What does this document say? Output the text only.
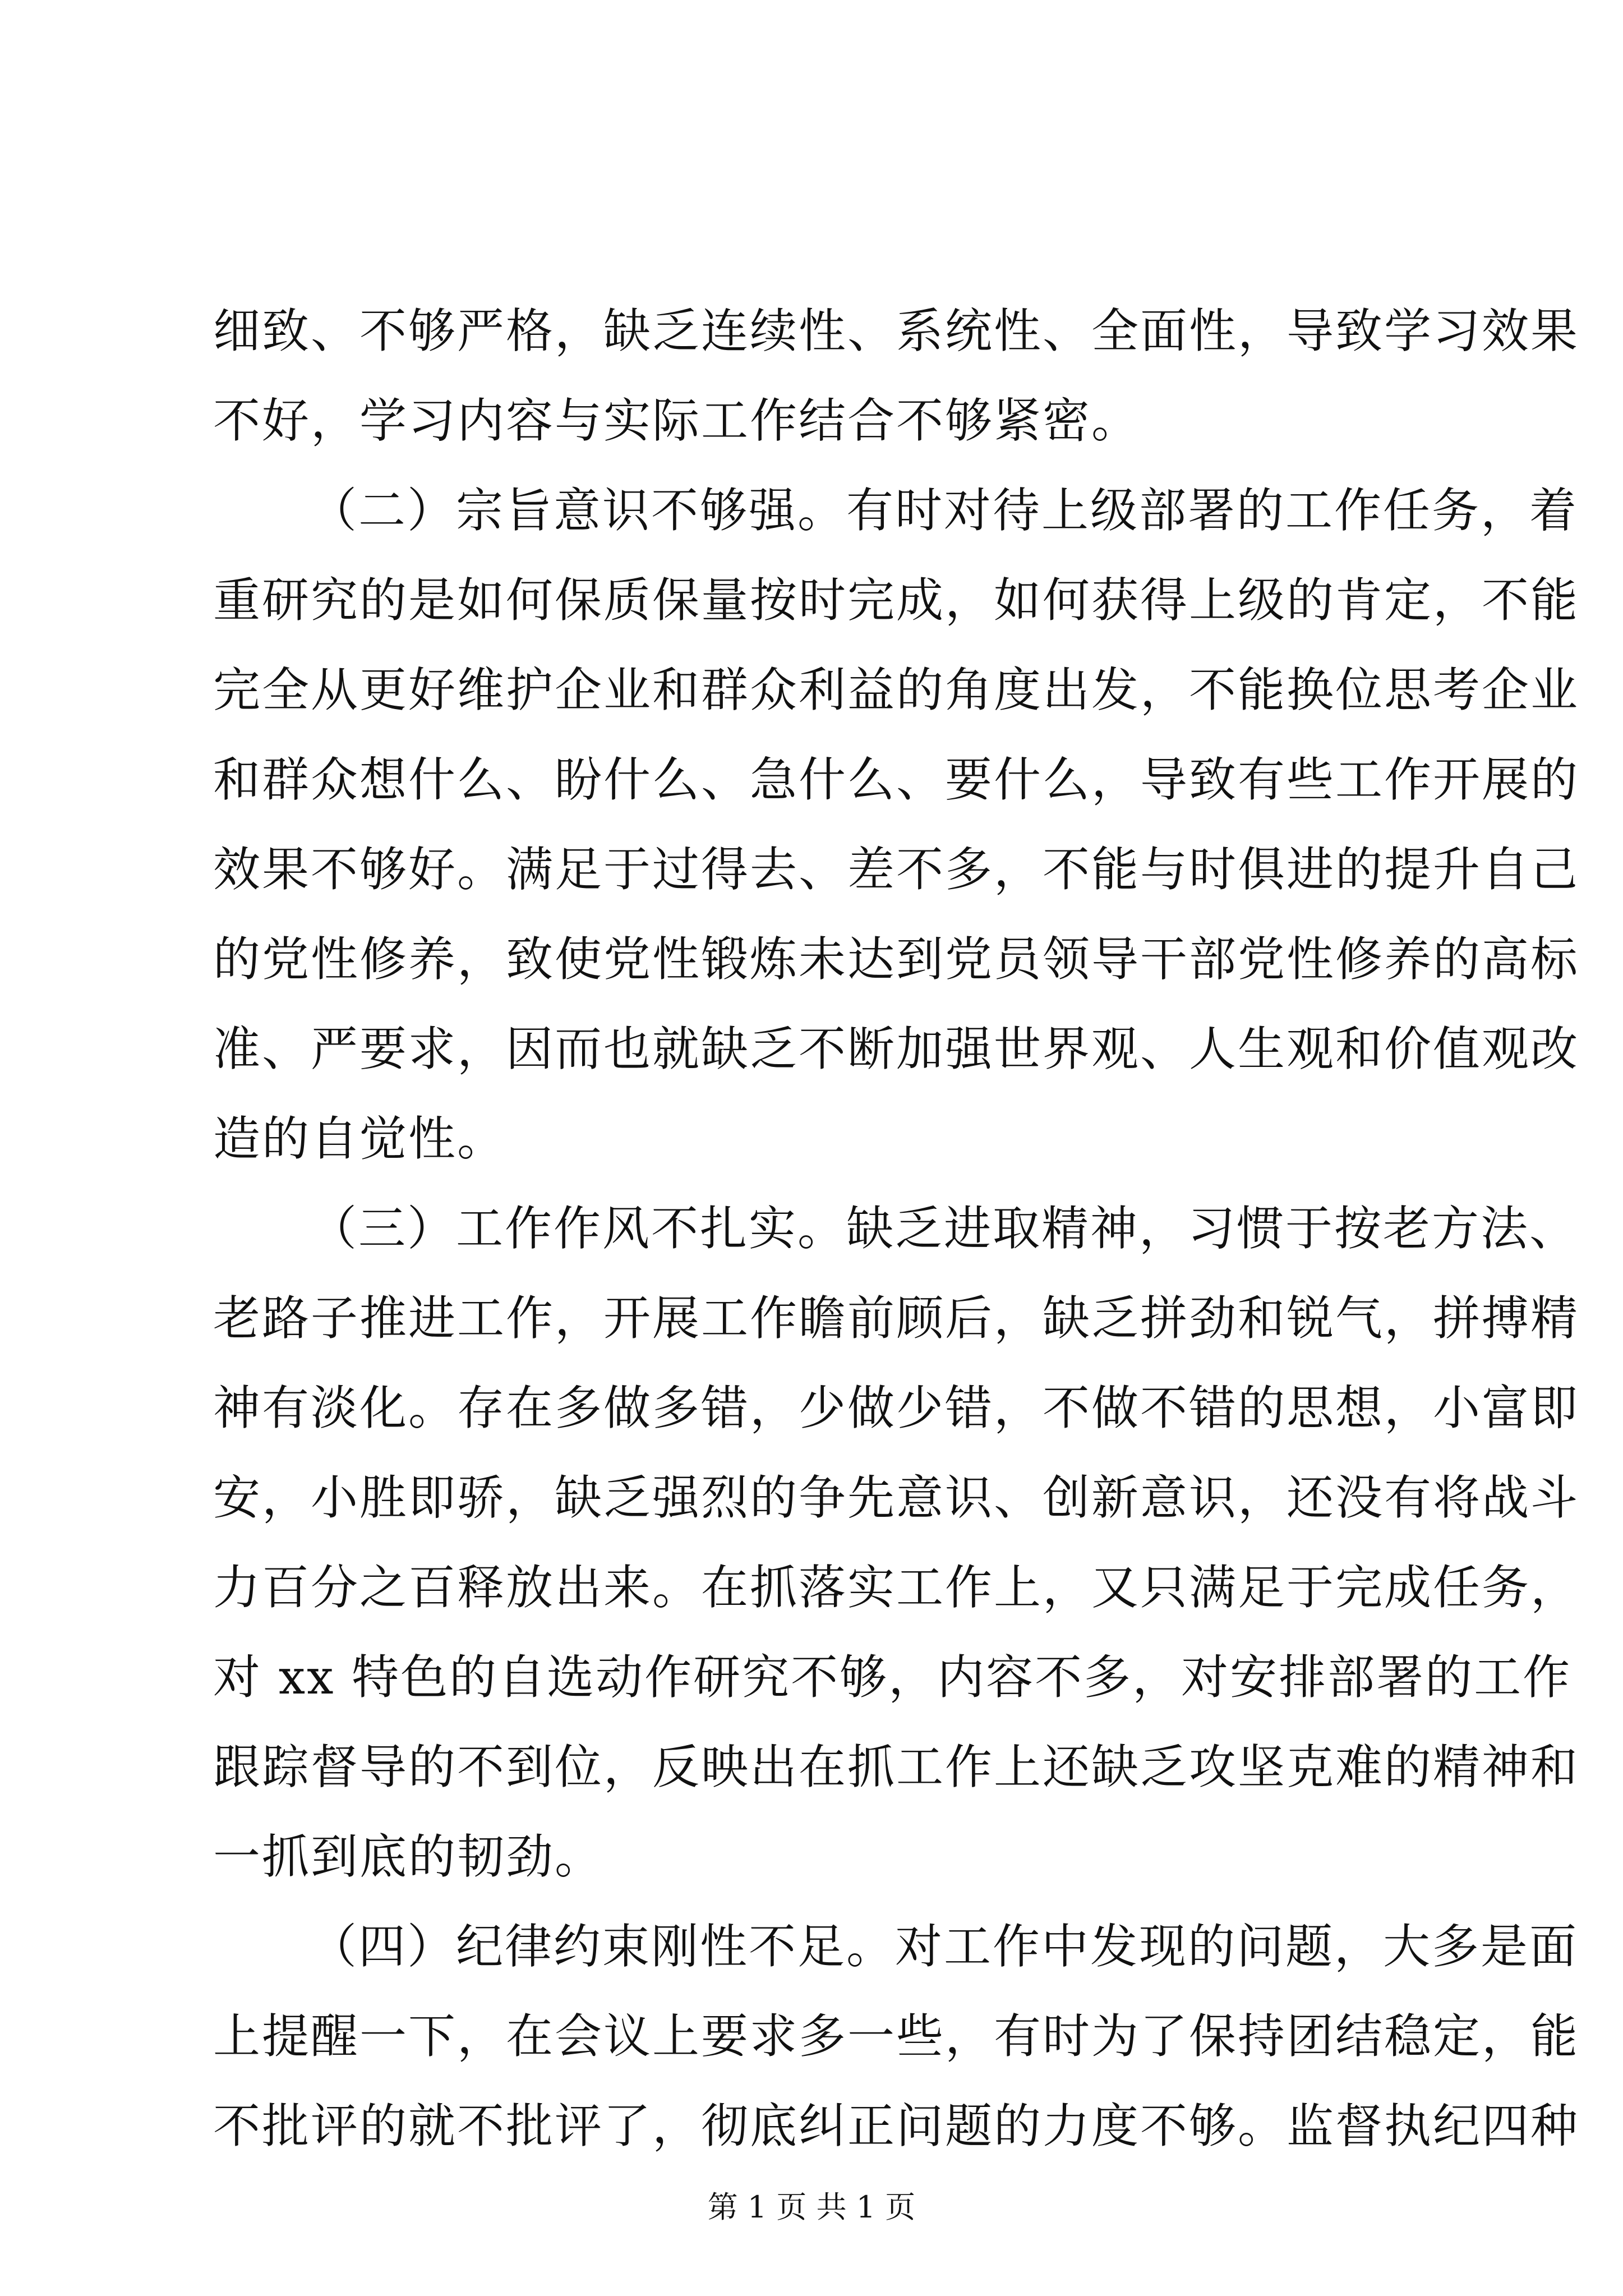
细致、不够严格，缺乏连续性、系统性、全面性，导致学习效果
不好，学习内容与实际工作结合不够紧密。
（二）宗旨意识不够强。有时对待上级部署的工作任务，着
重研究的是如何保质保量按时完成，如何获得上级的肯定，不能
完全从更好维护企业和群众利益的角度出发，不能换位思考企业
和群众想什么、盼什么、急什么、要什么，导致有些工作开展的
效果不够好。满足于过得去、差不多，不能与时俱进的提升自己
的党性修养，致使党性锻炼未达到党员领导干部党性修养的高标
准、严要求，因而也就缺乏不断加强世界观、人生观和价值观改
造的自觉性。
（三）工作作风不扎实。缺乏进取精神，习惯于按老方法、
老路子推进工作，开展工作瞻前顾后，缺乏拼劲和锐气，拼搏精
神有淡化。存在多做多错，少做少错，不做不错的思想，小富即
安，小胜即骄，缺乏强烈的争先意识、创新意识，还没有将战斗
力百分之百释放出来。在抓落实工作上，又只满足于完成任务，
对 xx 特色的自选动作研究不够，内容不多，对安排部署的工作
跟踪督导的不到位，反映出在抓工作上还缺乏攻坚克难的精神和
一抓到底的韧劲。
（四）纪律约束刚性不足。对工作中发现的问题，大多是面
上提醒一下，在会议上要求多一些，有时为了保持团结稳定，能
不批评的就不批评了，彻底纠正问题的力度不够。监督执纪四种
第 1 页 共 1 页
